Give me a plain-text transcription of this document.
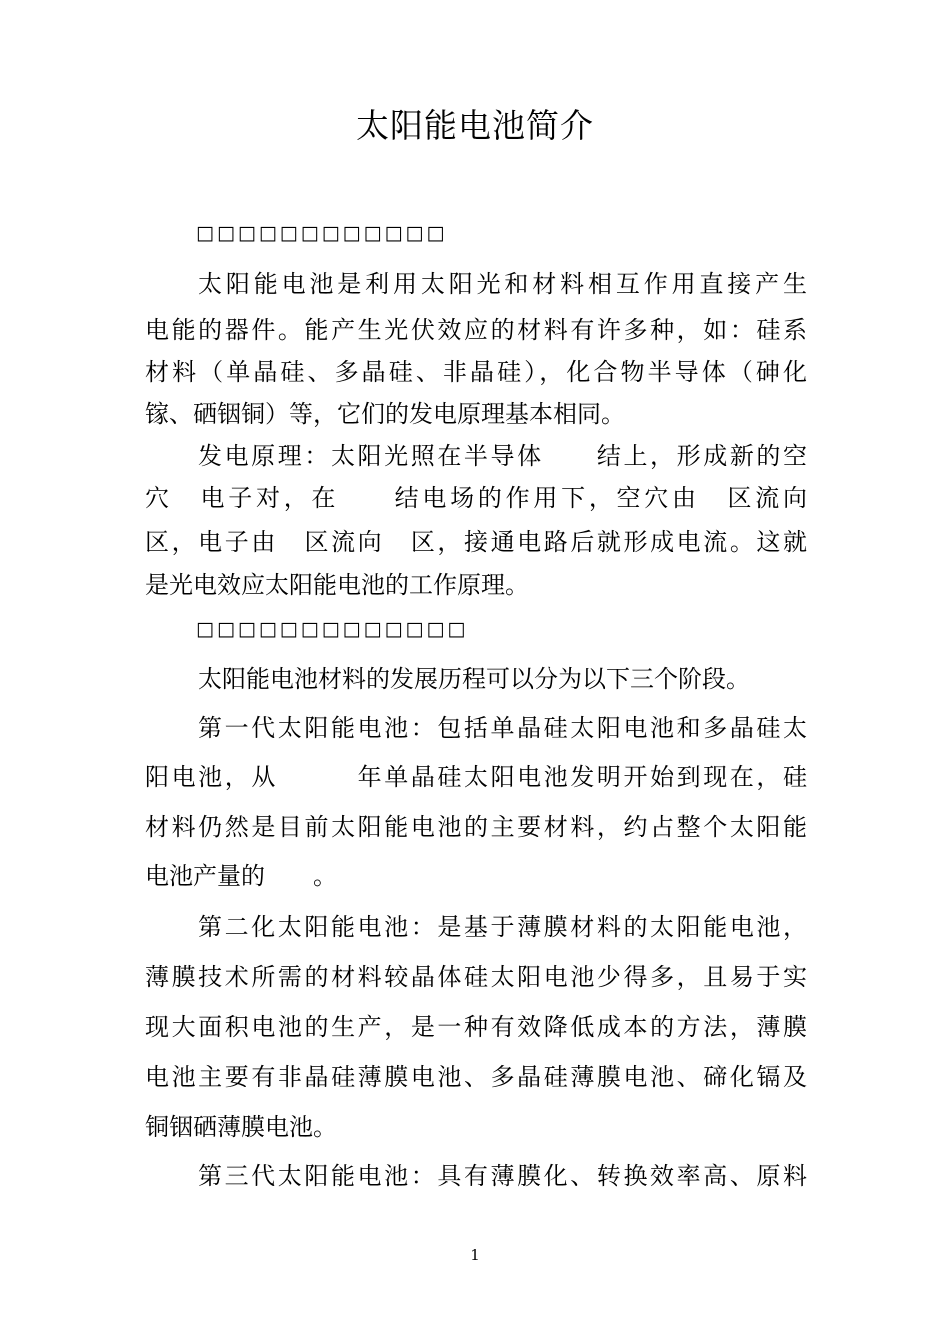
太阳能电池简介
□□□□□□□□□□□□
太阳能电池是利用太阳光和材料相互作用直接产生
电能的器件。能产生光伏效应的材料有许多种，如：硅系
材料（单晶硅、多晶硅、非晶硅），化合物半导体（砷化
镓、硒铟铜）等，它们的发电原理基本相同。
发电原理：太阳光照在半导体　　结上，形成新的空
穴　电子对，在　　结电场的作用下，空穴由　区流向　
区，电子由　区流向　区，接通电路后就形成电流。这就
是光电效应太阳能电池的工作原理。
□□□□□□□□□□□□□
太阳能电池材料的发展历程可以分为以下三个阶段。
第一代太阳能电池：包括单晶硅太阳电池和多晶硅太
阳电池，从　　　年单晶硅太阳电池发明开始到现在，硅
材料仍然是目前太阳能电池的主要材料，约占整个太阳能
电池产量的　　。
第二化太阳能电池：是基于薄膜材料的太阳能电池，
薄膜技术所需的材料较晶体硅太阳电池少得多，且易于实
现大面积电池的生产，是一种有效降低成本的方法，薄膜
电池主要有非晶硅薄膜电池、多晶硅薄膜电池、碲化镉及
铜铟硒薄膜电池。
第三代太阳能电池：具有薄膜化、转换效率高、原料
1
